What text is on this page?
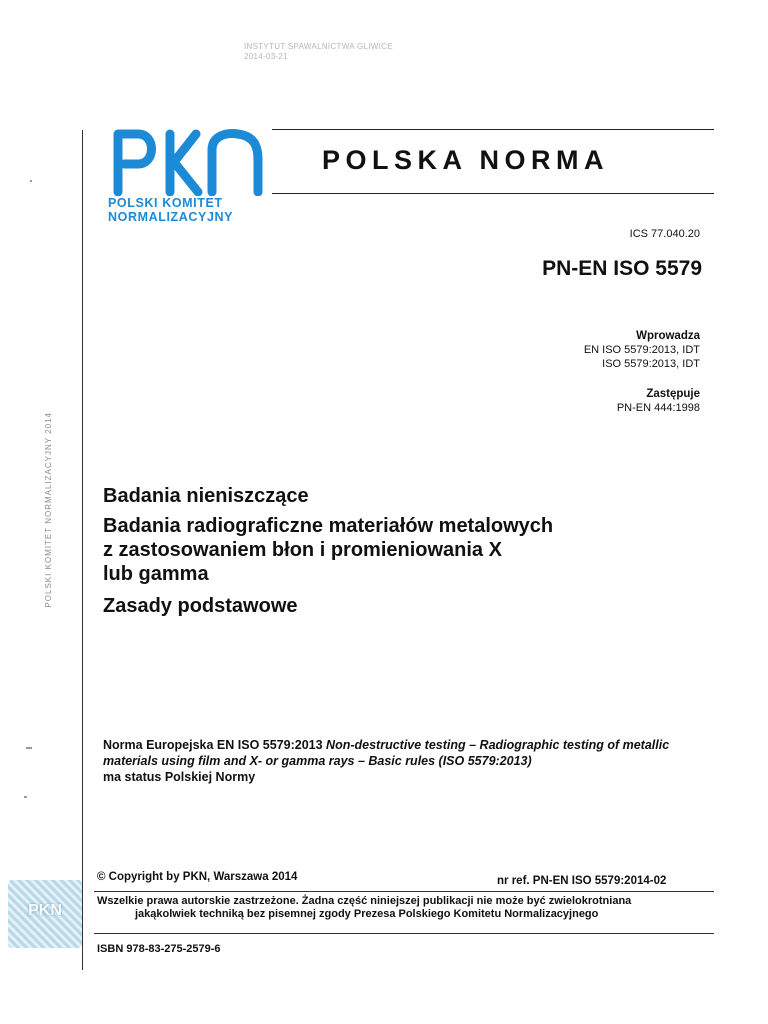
INSTYTUT SPAWALNICTWA GLIWICE
2014-03-21
POLSKI KOMITET NORMALIZACYJNY 2014
POLSKI KOMITET
NORMALIZACYJNY
POLSKA NORMA
ICS 77.040.20
PN-EN ISO 5579
Wprowadza
EN ISO 5579:2013, IDT
ISO 5579:2013, IDT
Zastępuje
PN-EN 444:1998
Badania nieniszczące
Badania radiograficzne materiałów metalowych
z zastosowaniem błon i promieniowania X
lub gamma
Zasady podstawowe
Norma Europejska EN ISO 5579:2013 Non-destructive testing – Radiographic testing of metallic materials using film and X- or gamma rays – Basic rules (ISO 5579:2013)
ma status Polskiej Normy
© Copyright by PKN, Warszawa 2014	nr ref. PN-EN ISO 5579:2014-02
Wszelkie prawa autorskie zastrzeżone. Żadna część niniejszej publikacji nie może być zwielokrotniana
jakąkolwiek techniką bez pisemnej zgody Prezesa Polskiego Komitetu Normalizacyjnego
ISBN 978-83-275-2579-6
PKN
